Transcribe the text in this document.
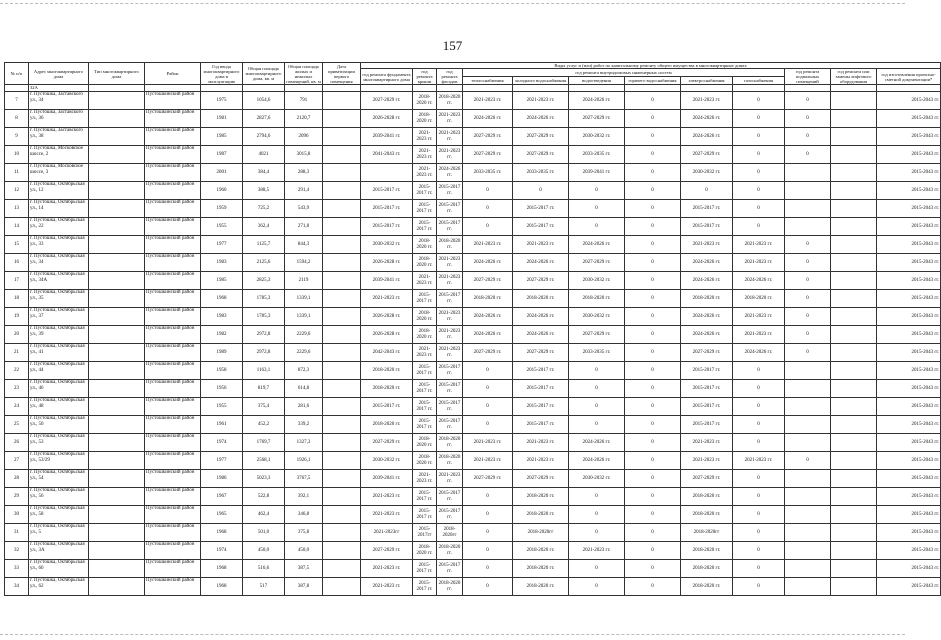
157
№ п/п	Адрес многоквартирного дома	Тип многоквартирного дома	Район	Год ввода многоквартирного дома в эксплуатацию	Общая площадь многоквартирного дома, кв. м	Общая площадь жилых и нежилых помещений, кв. м	Дата приватизации первого помещения	Виды услуг и (или) работ по капитальному ремонту общего имущества в многоквартирных домах											
								год ремонта фундамента многоквартирного дома	год ремонта крыши	год ремонта фасадов	год ремонта внутридомовых инженерных систем						год ремонта подвальных помещений	год ремонта или замены лифтового оборудования	год изготовления проектно-сметной документации*
											теплоснабжения	холодного водоснабжения	водоотведения	горячего водоснабжения	электроснабжения	газоснабжения			
	32А																		
7	г. Пустошка, Заставского ул., 34		Пустошкинский район	1975	1054,6	791		2027-2029 гг.	2018-2020 гг.	2018-2020 гг.	2021-2023 гг.	2021-2023 гг.	2024-2026 гг.	0	2021-2023 гг.	0	0		2015-2043 гг.
8	г. Пустошка, Заставского ул., 36		Пустошкинский район	1981	2827,6	2120,7		2026-2028 гг.	2018-2020 гг.	2021-2023 гг.	2024-2026 гг.	2024-2026 гг.	2027-2029 гг.	0	2024-2026 гг.	0	0		2015-2043 гг.
9	г. Пустошка, Заставского ул., 38		Пустошкинский район	1985	2794,6	2096		2039-2041 гг.	2021-2023 гг.	2021-2023 гг.	2027-2029 гг.	2027-2029 гг.	2030-2032 гг.	0	2024-2026 гг.	0	0		2015-2043 гг.
10	г. Пустошка, Московское шоссе, 2		Пустошкинский район	1987	4021	3015,8		2041-2043 гг.	2021-2023 гг.	2021-2023 гг.	2027-2029 гг.	2027-2029 гг.	2033-2035 гг.	0	2027-2029 гг.	0	0		2015-2043 гг.
11	г. Пустошка, Московское шоссе, 3		Пустошкинский район	2001	384,4	288,3			2021-2023 гг.	2024-2026 гг.	2033-2035 гг.	2033-2035 гг.	2039-2041 гг.	0	2030-2032 гг.	0			2015-2043 гг.
12	г. Пустошка, Октябрьская ул., 12		Пустошкинский район	1960	388,5	291,4		2015-2017 гг.	2015-2017 гг.	2015-2017 гг.	0	0	0	0	0	0			2015-2043 гг.
13	г. Пустошка, Октябрьская ул., 14		Пустошкинский район	1959	725,2	543,9		2015-2017 гг.	2015-2017 гг.	2015-2017 гг.	0	2015-2017 гг.	0	0	2015-2017 гг.	0			2015-2043 гг.
14	г. Пустошка, Октябрьская ул., 22		Пустошкинский район	1955	362,4	271,8		2015-2017 гг.	2015-2017 гг.	2015-2017 гг.	0	2015-2017 гг.	0	0	2015-2017 гг.	0			2015-2043 гг.
15	г. Пустошка, Октябрьская ул., 33		Пустошкинский район	1977	1125,7	844,3		2030-2032 гг.	2018-2020 гг.	2018-2020 гг.	2021-2023 гг.	2021-2023 гг.	2024-2026 гг.	0	2021-2023 гг.	2021-2023 гг.	0		2015-2043 гг.
16	г. Пустошка, Октябрьская ул., 34		Пустошкинский район	1983	2125,6	1594,2		2026-2028 гг.	2018-2020 гг.	2021-2023 гг.	2024-2026 гг.	2024-2026 гг.	2027-2029 гг.	0	2024-2026 гг.	2021-2023 гг.	0		2015-2043 гг.
17	г. Пустошка, Октябрьская ул., 34А		Пустошкинский район	1985	2825,3	2119		2039-2041 гг.	2021-2023 гг.	2021-2023 гг.	2027-2029 гг.	2027-2029 гг.	2030-2032 гг.	0	2024-2026 гг.	2024-2026 гг.	0		2015-2043 гг.
18	г. Пустошка, Октябрьская ул., 35		Пустошкинский район	1968	1785,3	1339,1		2021-2023 гг.	2015-2017 гг.	2015-2017 гг.	2018-2020 гг.	2018-2020 гг.	2018-2020 гг.	0	2018-2020 гг.	2018-2020 гг.	0		2015-2043 гг.
19	г. Пустошка, Октябрьская ул., 37		Пустошкинский район	1983	1785,3	1339,1		2026-2028 гг.	2018-2020 гг.	2021-2023 гг.	2024-2026 гг.	2024-2026 гг.	2030-2032 гг.	0	2024-2026 гг.	2021-2023 гг.	0		2015-2043 гг.
20	г. Пустошка, Октябрьская ул., 39		Пустошкинский район	1982	2972,8	2229,6		2026-2028 гг.	2018-2020 гг.	2021-2023 гг.	2024-2026 гг.	2024-2026 гг.	2027-2029 гг.	0	2024-2026 гг.	2021-2023 гг.	0		2015-2043 гг.
21	г. Пустошка, Октябрьская ул., 41		Пустошкинский район	1989	2972,8	2229,6		2042-2043 гг.	2021-2023 гг.	2021-2023 гг.	2027-2029 гг.	2027-2029 гг.	2033-2035 гг.	0	2027-2029 гг.	2024-2026 гг.	0		2015-2043 гг.
22	г. Пустошка, Октябрьская ул., 44		Пустошкинский район	1958	1163,1	872,3		2018-2020 гг.	2015-2017 гг.	2015-2017 гг.	0	2015-2017 гг.	0	0	2015-2017 гг.	0			2015-2043 гг.
23	г. Пустошка, Октябрьская ул., 46		Пустошкинский район	1956	819,7	614,8		2018-2020 гг.	2015-2017 гг.	2015-2017 гг.	0	2015-2017 гг.	0	0	2015-2017 гг.	0			2015-2043 гг.
24	г. Пустошка, Октябрьская ул., 48		Пустошкинский район	1955	375,4	281,6		2015-2017 гг.	2015-2017 гг.	2015-2017 гг.	0	2015-2017 гг.	0	0	2015-2017 гг.	0			2015-2043 гг.
25	г. Пустошка, Октябрьская ул., 50		Пустошкинский район	1961	452,2	339,2		2018-2020 гг.	2015-2017 гг.	2015-2017 гг.	0	2015-2017 гг.	0	0	2015-2017 гг.	0			2015-2043 гг.
26	г. Пустошка, Октябрьская ул., 53		Пустошкинский район	1974	1769,7	1327,3		2027-2029 гг.	2018-2020 гг.	2018-2020 гг.	2021-2023 гг.	2021-2023 гг.	2024-2026 гг.	0	2021-2023 гг.	0			2015-2043 гг.
27	г. Пустошка, Октябрьская ул., 53/29		Пустошкинский район	1977	2568,1	1926,1		2030-2032 гг.	2018-2020 гг.	2018-2020 гг.	2021-2023 гг.	2021-2023 гг.	2024-2026 гг.	0	2021-2023 гг.	2021-2023 гг.	0		2015-2043 гг.
28	г. Пустошка, Октябрьская ул., 54		Пустошкинский район	1986	5023,3	3767,5		2039-2041 гг.	2021-2023 гг.	2021-2023 гг.	2027-2029 гг.	2027-2029 гг.	2030-2032 гг.	0	2027-2029 гг.	0			2015-2043 гг.
29	г. Пустошка, Октябрьская ул., 56		Пустошкинский район	1967	522,8	392,1		2021-2023 гг.	2015-2017 гг.	2015-2017 гг.	0	2018-2020 гг.	0	0	2018-2020 гг.	0			2015-2043 гг.
30	г. Пустошка, Октябрьская ул., 58		Пустошкинский район	1965	462,4	346,8		2021-2023 гг.	2015-2017 гг.	2015-2017 гг.	0	2018-2020 гг.	0	0	2018-2020 гг.	0			2015-2043 гг.
31	г. Пустошка, Октябрьская ул., 5		Пустошкинский район	1968	501,0	375,8		2021-2023гг	2015-2017гг	2018-2020гг	0	2018-2020гг	0	0	2018-2020гг	0			2015-2043 гг.
32	г. Пустошка, Октябрьская ул., 3А		Пустошкинский район	1974	450,0	450,0		2027-2029 гг.	2018-2020 гг.	2018-2020 гг.	0	2018-2020 гг.	2021-2023 гг.	0	2018-2020 гг.	0			2015-2043 гг.
33	г. Пустошка, Октябрьская ул., 60		Пустошкинский район	1968	516,6	387,5		2021-2023 гг.	2015-2017 гг.	2015-2017 гг.	0	2018-2020 гг.	0	0	2018-2020 гг.	0			2015-2043 гг.
34	г. Пустошка, Октябрьская ул., 62		Пустошкинский район	1968	517	387,8		2021-2023 гг.	2015-2017 гг.	2018-2020 гг.	0	2018-2020 гг.	0	0	2018-2020 гг.	0			2015-2043 гг.
